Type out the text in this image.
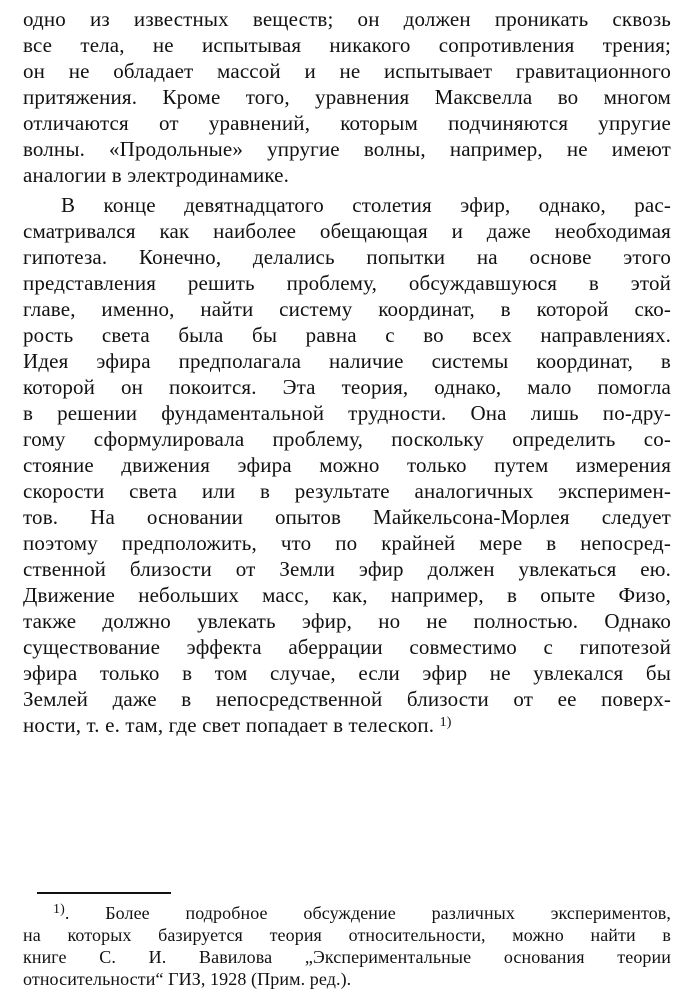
одно из известных веществ; он должен проникать сквозь
все тела, не испытывая никакого сопротивления трения;
он не обладает массой и не испытывает гравитационного
притяжения. Кроме того, уравнения Максвелла во многом
отличаются от уравнений, которым подчиняются упругие
волны. «Продольные» упругие волны, например, не имеют
аналогии в электродинамике.
В конце девятнадцатого столетия эфир, однако, рас-
сматривался как наиболее обещающая и даже необходимая
гипотеза. Конечно, делались попытки на основе этого
представления решить проблему, обсуждавшуюся в этой
главе, именно, найти систему координат, в которой ско-
рость света была бы равна c во всех направлениях.
Идея эфира предполагала наличие системы координат, в
которой он покоится. Эта теория, однако, мало помогла
в решении фундаментальной трудности. Она лишь по-дру-
гому сформулировала проблему, поскольку определить со-
стояние движения эфира можно только путем измерения
скорости света или в результате аналогичных эксперимен-
тов. На основании опытов Майкельсона-Морлея следует
поэтому предположить, что по крайней мере в непосред-
ственной близости от Земли эфир должен увлекаться ею.
Движение небольших масс, как, например, в опыте Физо,
также должно увлекать эфир, но не полностью. Однако
существование эффекта аберрации совместимо с гипотезой
эфира только в том случае, если эфир не увлекался бы
Землей даже в непосредственной близости от ее поверх-
ности, т. е. там, где свет попадает в телескоп. $^{1)}$
$^{1)}$. Более подробное обсуждение различных экспериментов,
на которых базируется теория относительности, можно найти в
книге С. И. Вавилова „Экспериментальные основания теории
относительности“ ГИЗ, 1928 (Прим. ред.).
